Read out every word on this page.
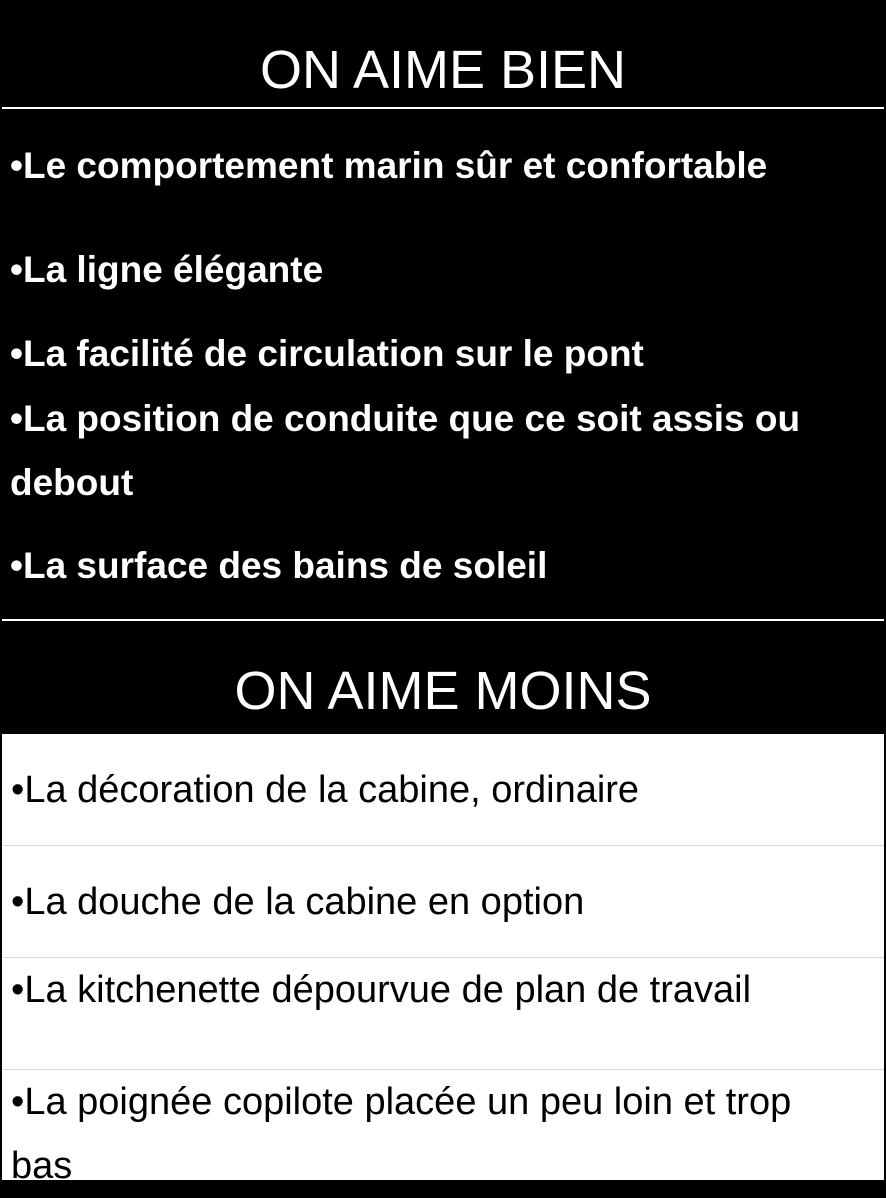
ON AIME BIEN
•Le comportement marin sûr et confortable
•La ligne élégante
•La facilité de circulation sur le pont
•La position de conduite que ce soit assis ou debout
•La surface des bains de soleil
ON AIME MOINS
•La décoration de la cabine, ordinaire
•La douche de la cabine en option
•La kitchenette dépourvue de plan de travail
•La poignée copilote placée un peu loin et trop bas
